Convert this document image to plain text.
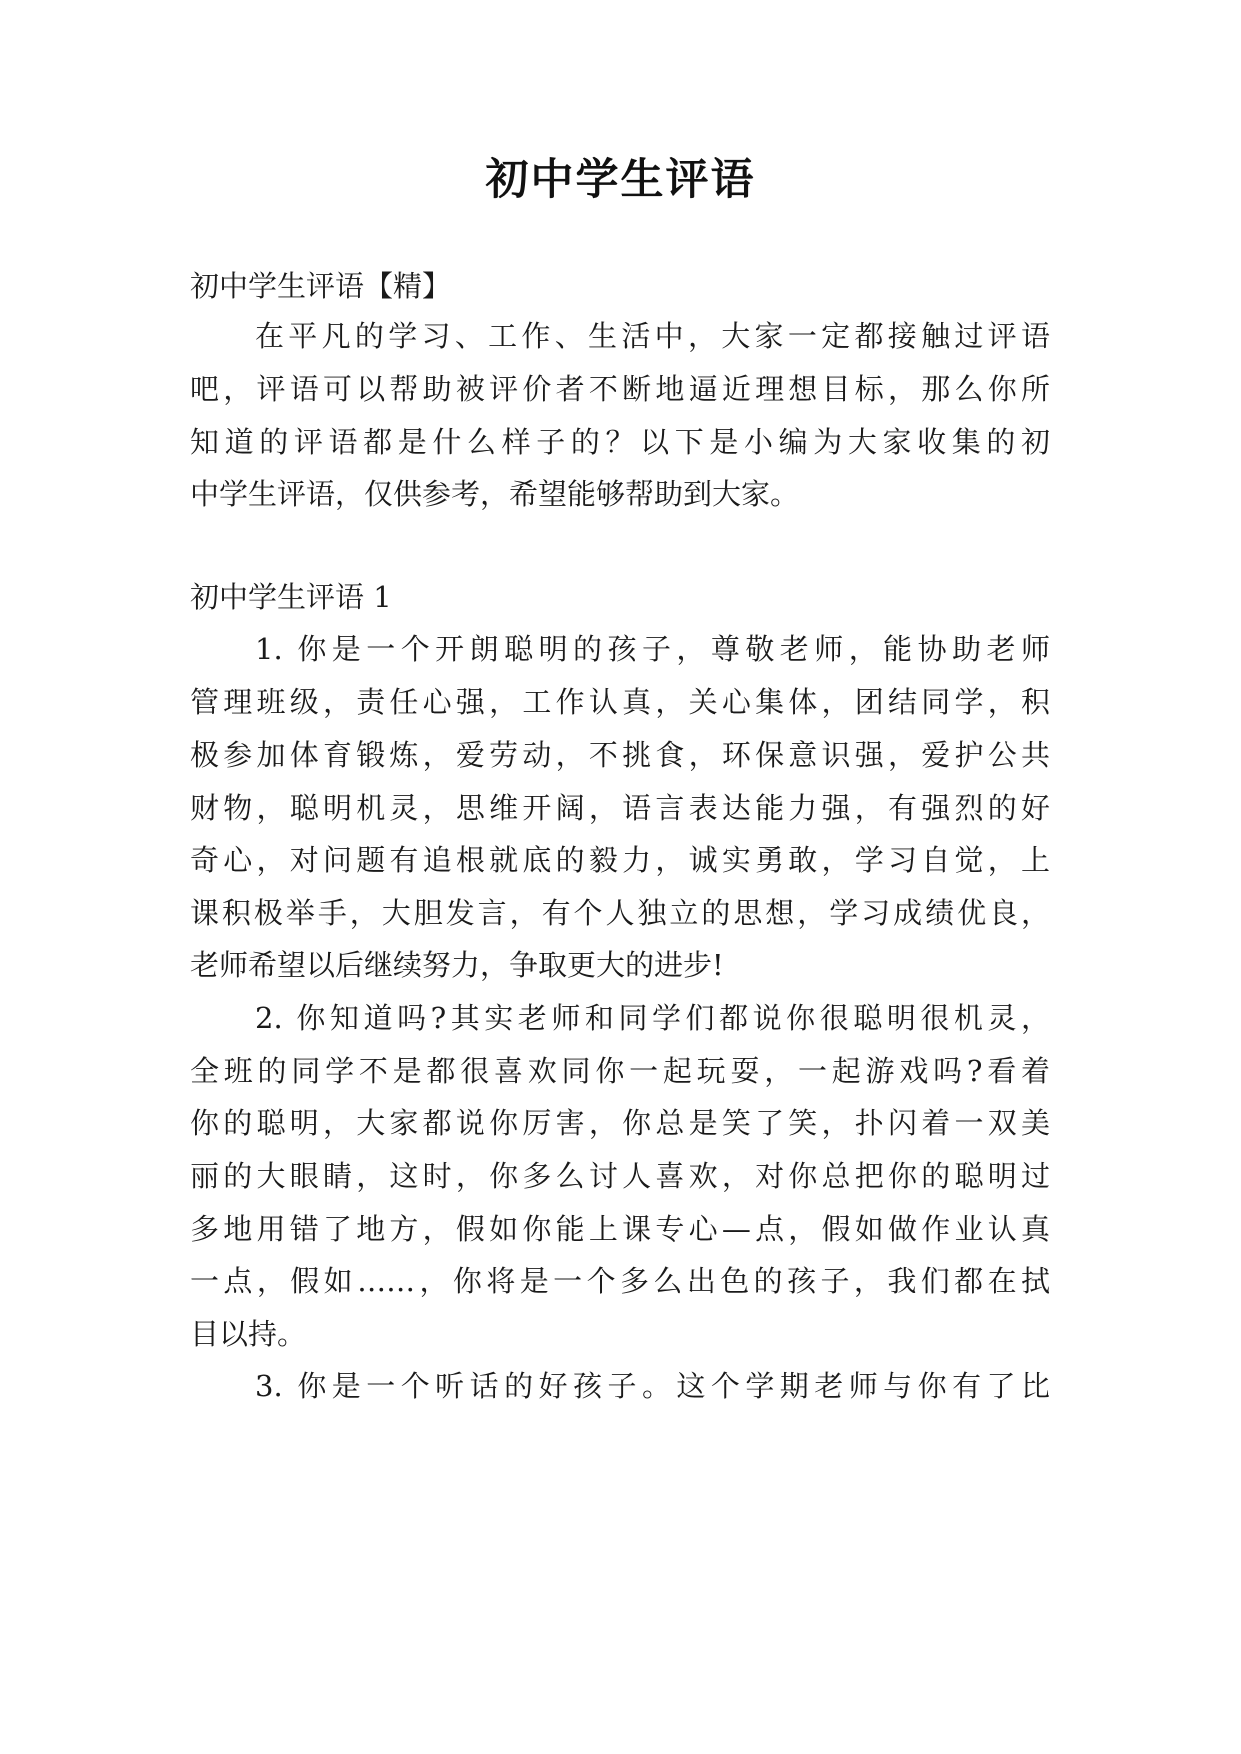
初中学生评语
初中学生评语【精】
在平凡的学习、工作、生活中，大家一定都接触过评语
吧，评语可以帮助被评价者不断地逼近理想目标，那么你所
知道的评语都是什么样子的？以下是小编为大家收集的初
中学生评语，仅供参考，希望能够帮助到大家。
初中学生评语 1
1. 你是一个开朗聪明的孩子，尊敬老师，能协助老师
管理班级，责任心强，工作认真，关心集体，团结同学，积
极参加体育锻炼，爱劳动，不挑食，环保意识强，爱护公共
财物，聪明机灵，思维开阔，语言表达能力强，有强烈的好
奇心，对问题有追根就底的毅力，诚实勇敢，学习自觉，上
课积极举手，大胆发言，有个人独立的思想，学习成绩优良，
老师希望以后继续努力，争取更大的进步!
2. 你知道吗?其实老师和同学们都说你很聪明很机灵，
全班的同学不是都很喜欢同你一起玩耍，一起游戏吗?看着
你的聪明，大家都说你厉害，你总是笑了笑，扑闪着一双美
丽的大眼睛，这时，你多么讨人喜欢，对你总把你的聪明过
多地用错了地方，假如你能上课专心—点，假如做作业认真
一点，假如……，你将是一个多么出色的孩子，我们都在拭
目以持。
3. 你是一个听话的好孩子。这个学期老师与你有了比
